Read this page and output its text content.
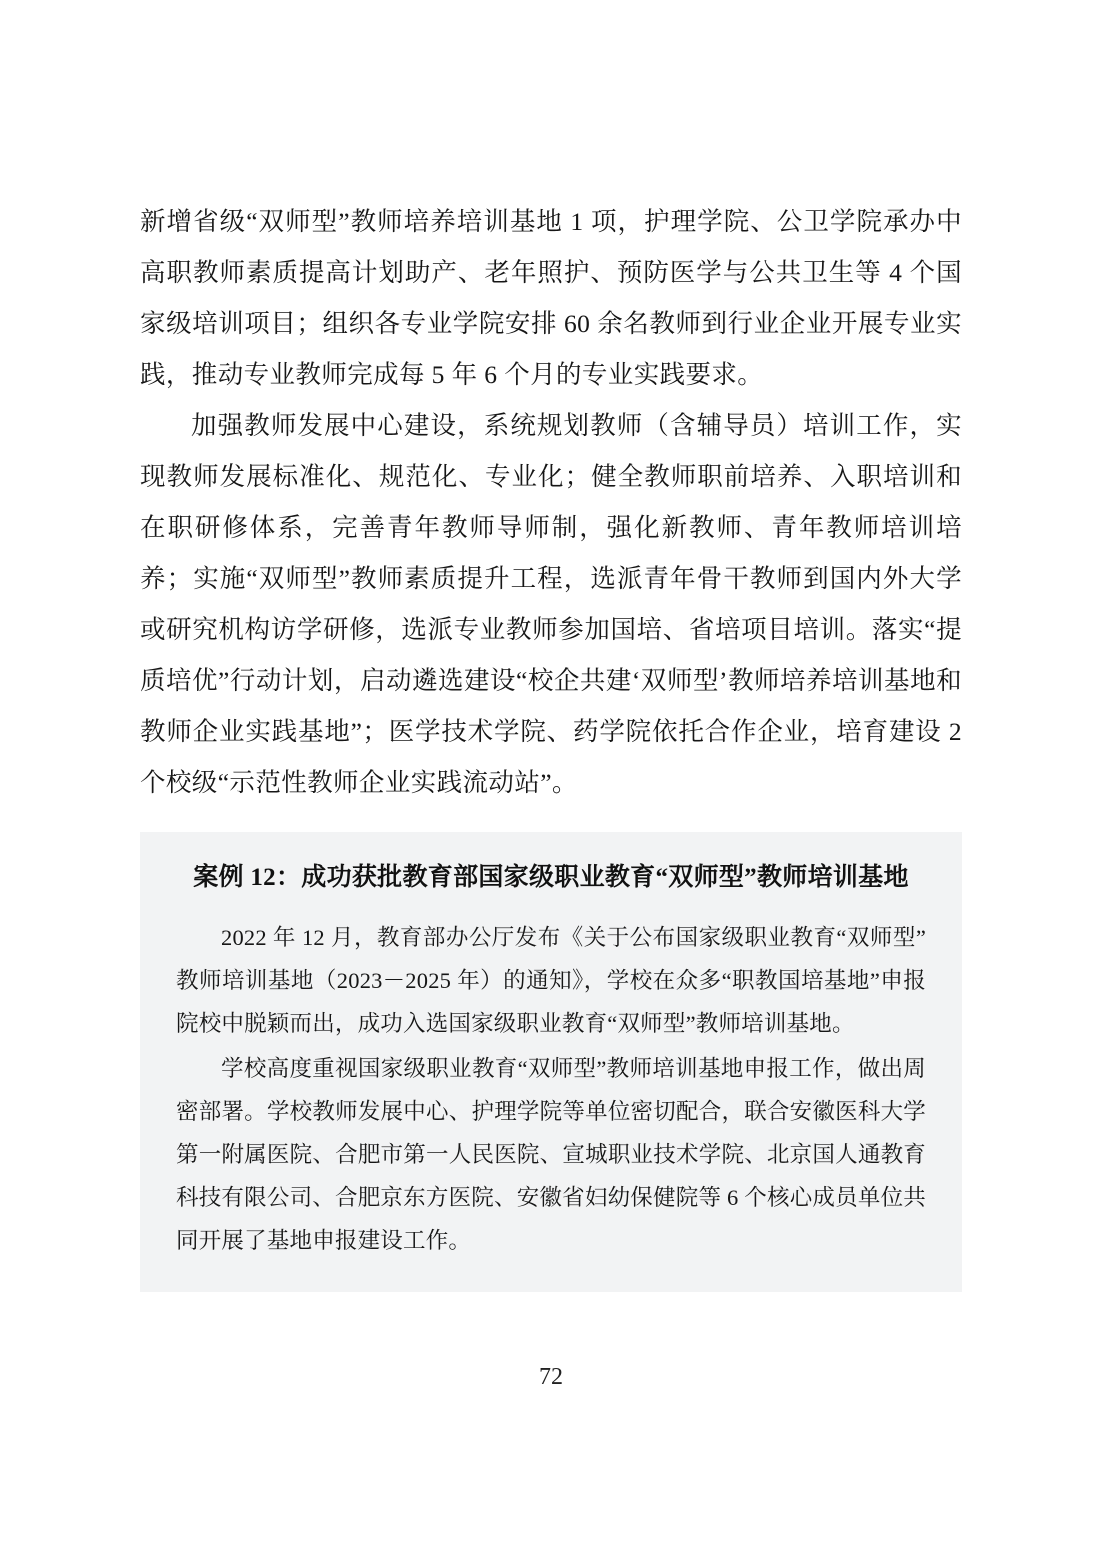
新增省级“双师型”教师培养培训基地 1 项，护理学院、公卫学院承办中高职教师素质提高计划助产、老年照护、预防医学与公共卫生等 4 个国家级培训项目；组织各专业学院安排 60 余名教师到行业企业开展专业实践，推动专业教师完成每 5 年 6 个月的专业实践要求。

加强教师发展中心建设，系统规划教师（含辅导员）培训工作，实现教师发展标准化、规范化、专业化；健全教师职前培养、入职培训和在职研修体系，完善青年教师导师制，强化新教师、青年教师培训培养；实施“双师型”教师素质提升工程，选派青年骨干教师到国内外大学或研究机构访学研修，选派专业教师参加国培、省培项目培训。落实“提质培优”行动计划，启动遴选建设“校企共建‘双师型’教师培养培训基地和教师企业实践基地”；医学技术学院、药学院依托合作企业，培育建设 2 个校级“示范性教师企业实践流动站”。

案例 12：成功获批教育部国家级职业教育“双师型”教师培训基地

2022 年 12 月，教育部办公厅发布《关于公布国家级职业教育“双师型”教师培训基地（2023－2025 年）的通知》，学校在众多“职教国培基地”申报院校中脱颖而出，成功入选国家级职业教育“双师型”教师培训基地。

学校高度重视国家级职业教育“双师型”教师培训基地申报工作，做出周密部署。学校教师发展中心、护理学院等单位密切配合，联合安徽医科大学第一附属医院、合肥市第一人民医院、宣城职业技术学院、北京国人通教育科技有限公司、合肥京东方医院、安徽省妇幼保健院等 6 个核心成员单位共同开展了基地申报建设工作。

72
